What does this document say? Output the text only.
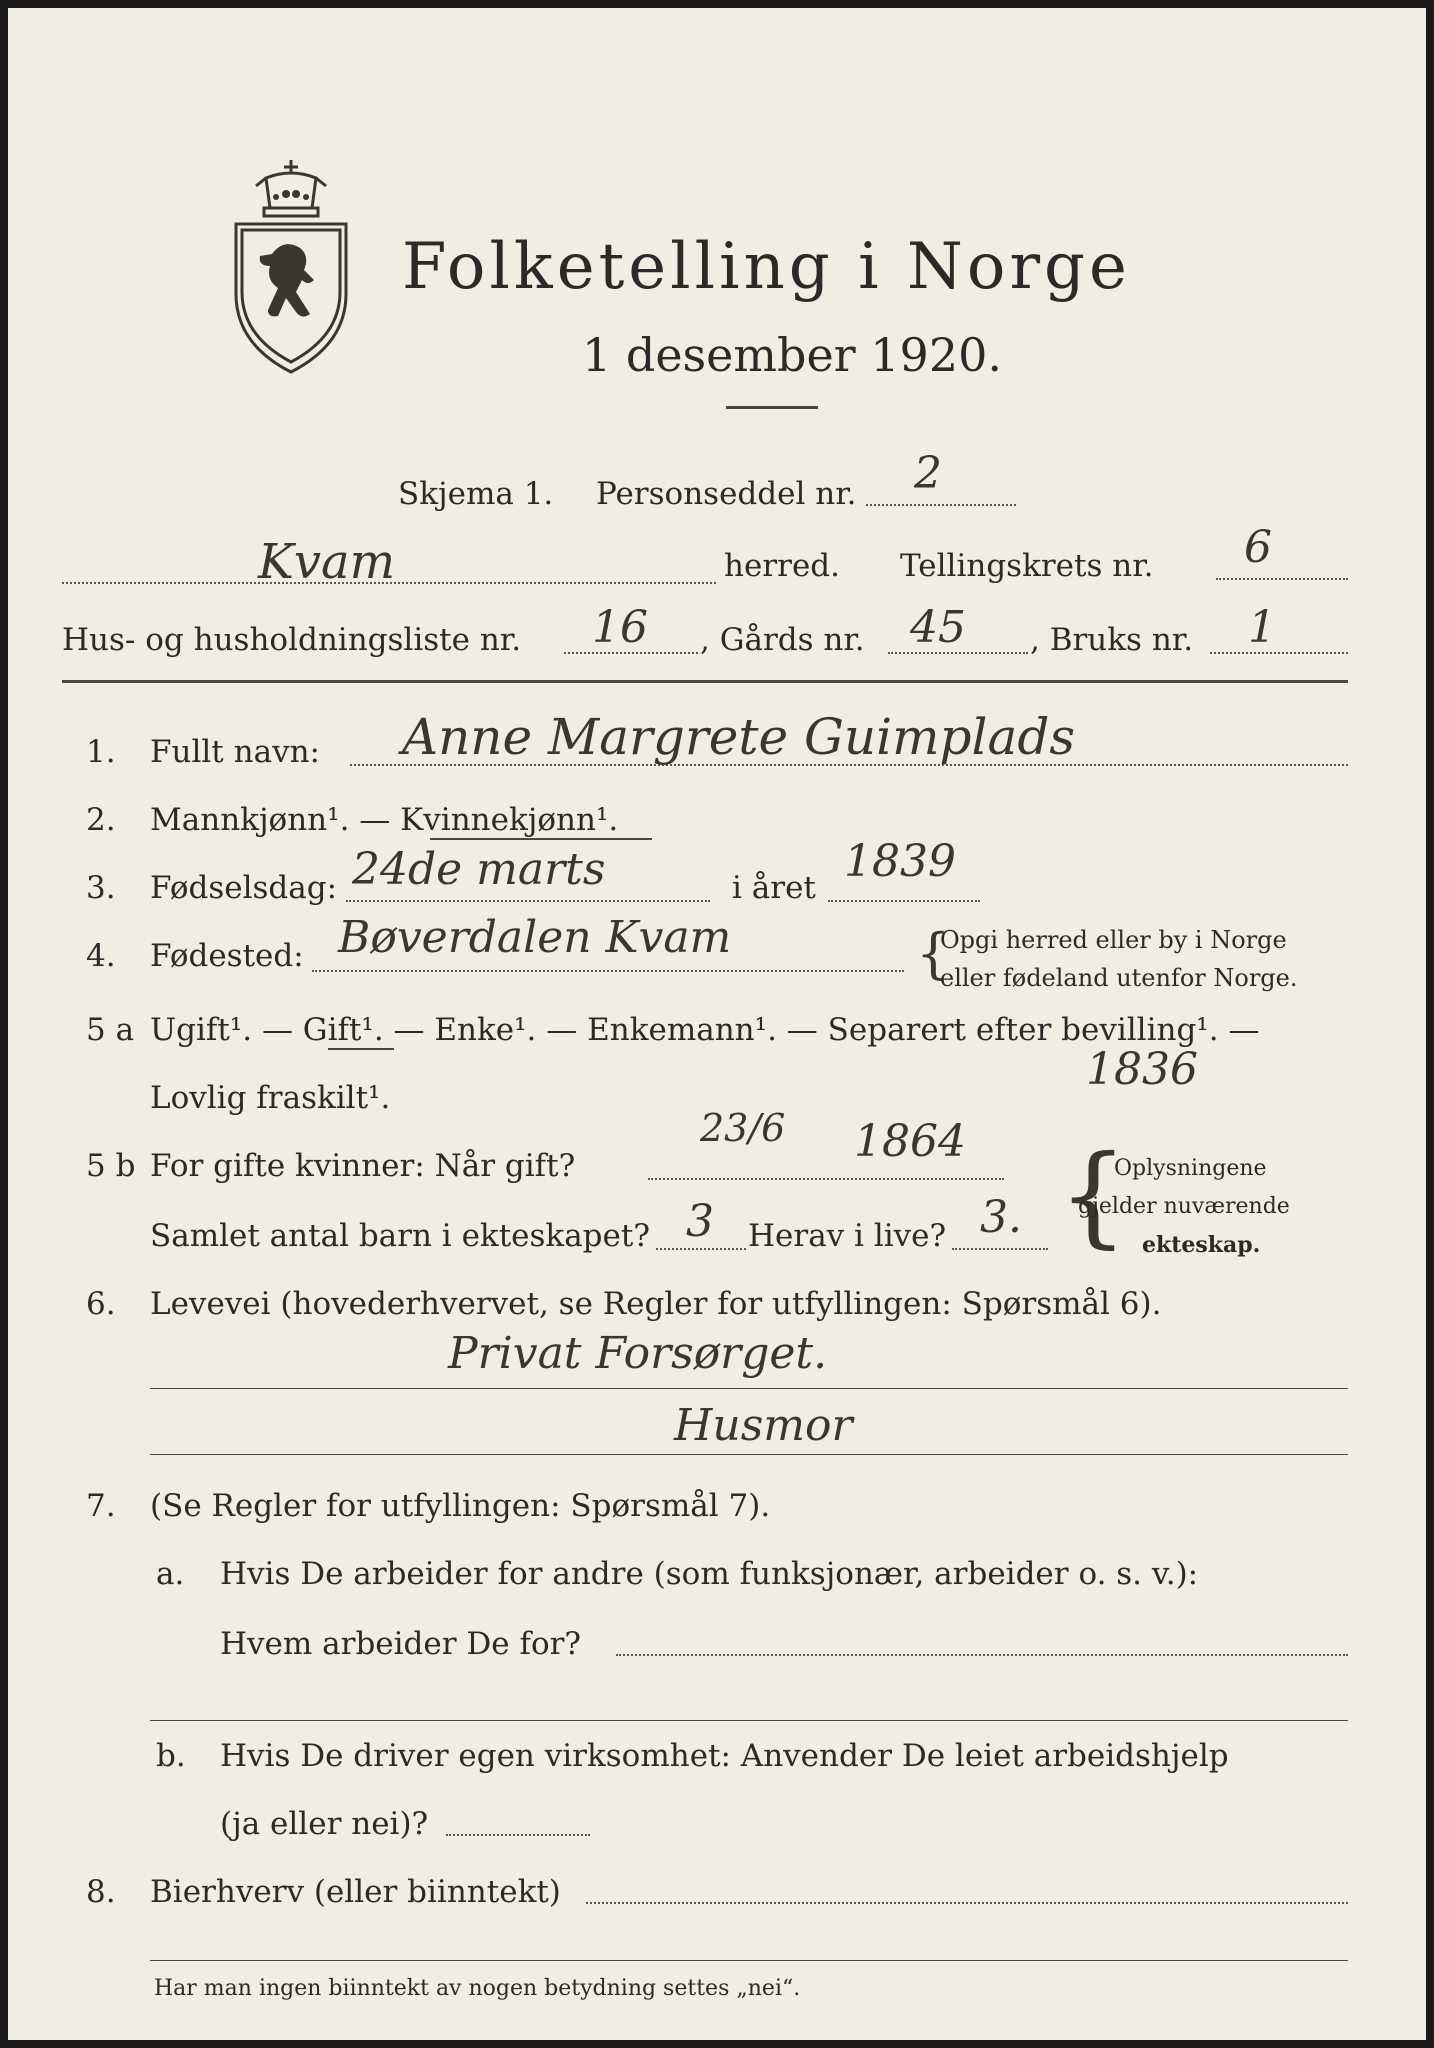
Folketelling i Norge
1 desember 1920.
Skjema 1. Personseddel nr. 2
Kvam	herred. Tellingskrets nr. 6
Hus- og husholdningsliste nr. 16 , Gårds nr. 45 , Bruks nr. 1
1. Fullt navn: Anne Margrete Guimplads
2. Mannkjønn¹. — Kvinnekjønn¹.
3. Fødselsdag: 24de marts	i året
1839
4. Fødested: Bøverdalen Kvam	{
Opgi herred eller by i Norge
eller fødeland utenfor Norge.
5 a Ugift¹. — Gift¹. — Enke¹. — Enkemann¹. — Separert efter bevilling¹. —
Lovlig fraskilt¹.
1836
5 b For gifte kvinner: Når gift?
23/6 1864
Samlet antal barn i ekteskapet? 3 Herav i live? 3. {
Oplysningene
gjelder nuværende
ekteskap.
6. Levevei (hovederhvervet, se Regler for utfyllingen: Spørsmål 6).
Privat Forsørget.
Husmor
7. (Se Regler for utfyllingen: Spørsmål 7).
a. Hvis De arbeider for andre (som funksjonær, arbeider o. s. v.):
Hvem arbeider De for?
b. Hvis De driver egen virksomhet: Anvender De leiet arbeidshjelp
(ja eller nei)?
8. Bierhverv (eller biinntekt)
Har man ingen biinntekt av nogen betydning settes „nei“.
